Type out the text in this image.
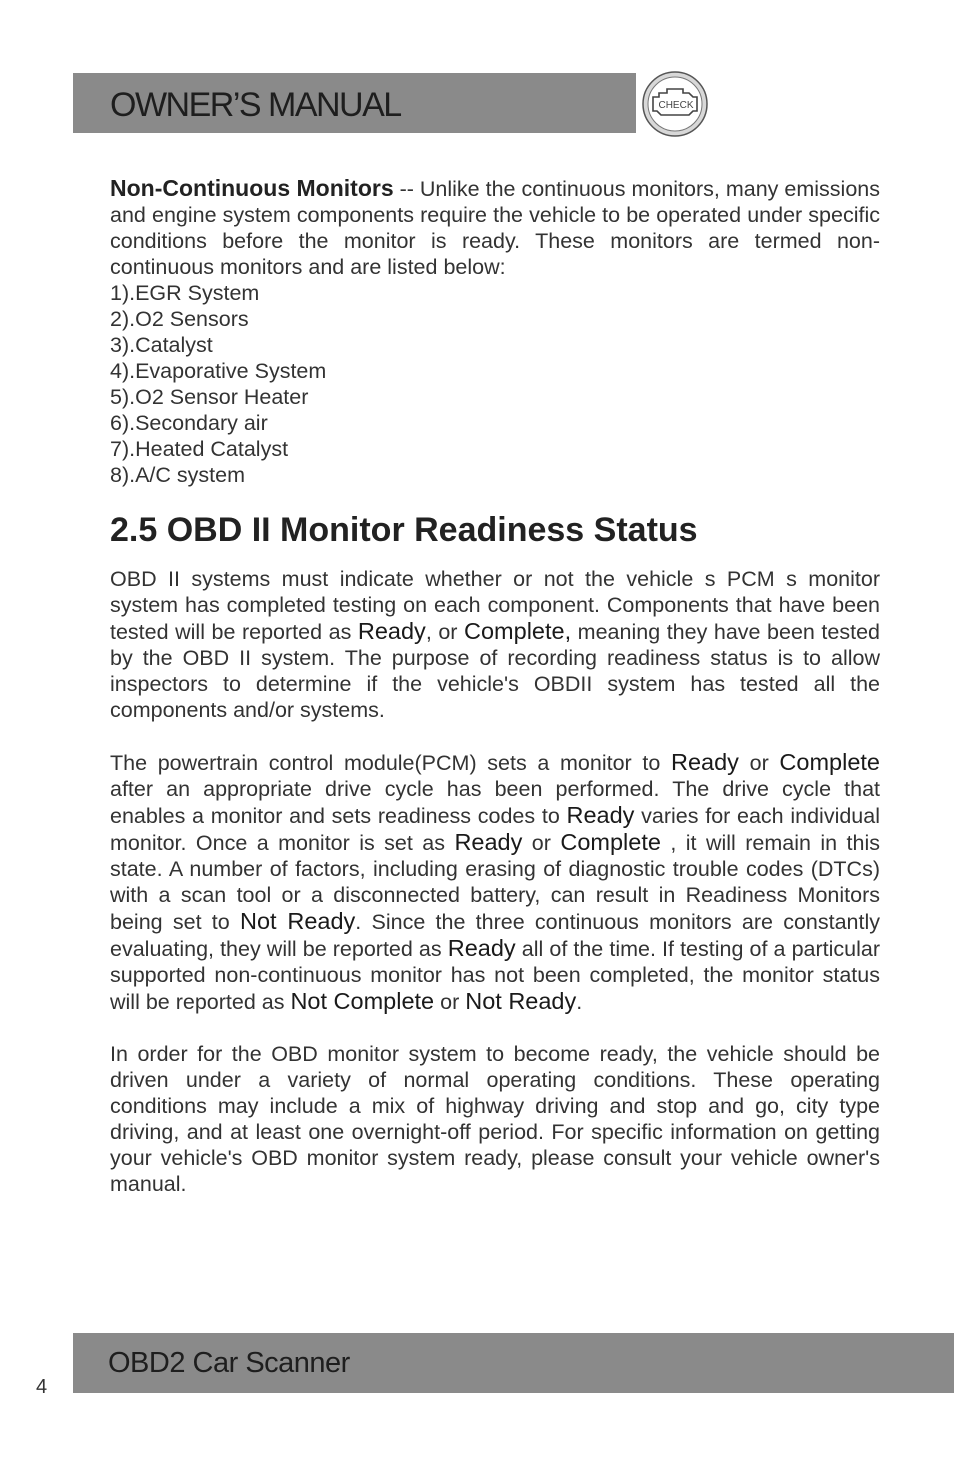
OWNER’S MANUAL	CHECK

Non-Continuous Monitors -- Unlike the continuous monitors, many emissions and engine system components require the vehicle to be operated under specific conditions before the monitor is ready. These monitors are termed non-continuous monitors and are listed below:

1).EGR System
2).O2 Sensors
3).Catalyst
4).Evaporative System
5).O2 Sensor Heater
6).Secondary air
7).Heated Catalyst
8).A/C system
2.5 OBD II Monitor Readiness Status

OBD II systems must indicate whether or not the vehicle s PCM s monitor system has completed testing on each component. Components that have been tested will be reported as Ready, or Complete, meaning they have been tested by the OBD II system. The purpose of recording readiness status is to allow inspectors to determine if the vehicle's OBDII system has tested all the components and/or systems.

The powertrain control module(PCM) sets a monitor to Ready or Complete after an appropriate drive cycle has been performed. The drive cycle that enables a monitor and sets readiness codes to Ready varies for each individual monitor. Once a monitor is set as Ready or Complete , it will remain in this state. A number of factors, including erasing of diagnostic trouble codes (DTCs) with a scan tool or a disconnected battery, can result in Readiness Monitors being set to Not Ready. Since the three continuous monitors are constantly evaluating, they will be reported as Ready all of the time. If testing of a particular supported non-continuous monitor has not been completed, the monitor status will be reported as Not Complete or Not Ready.

In order for the OBD monitor system to become ready, the vehicle should be driven under a variety of normal operating conditions. These operating conditions may include a mix of highway driving and stop and go, city type driving, and at least one overnight-off period. For specific information on getting your vehicle's OBD monitor system ready, please consult your vehicle owner's manual.

OBD2 Car Scanner
4
